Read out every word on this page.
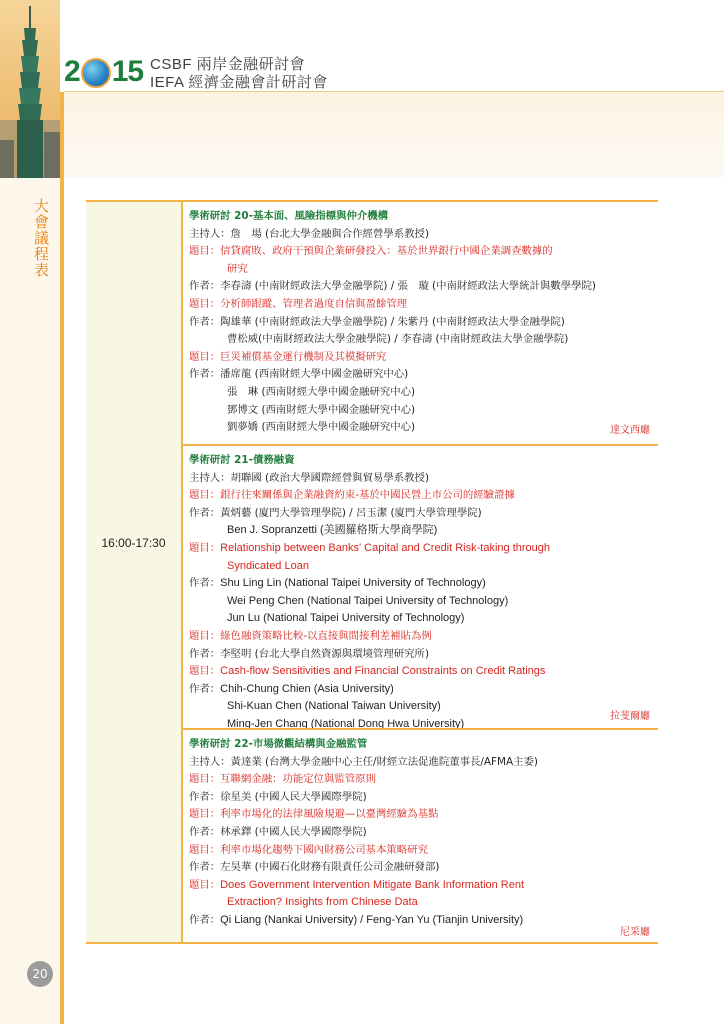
2 15 CSBF 兩岸金融研討會
IEFA 經濟金融會計研討會
大會議程表
16:00-17:30
學術研討 20-基本面、風險指標與仲介機構
主持人： 詹　場 (台北大學金融與合作經營學系教授)
題目： 信貸腐敗、政府干預與企業研發投入：基於世界銀行中國企業調查數據的
研究
作者： 李春濤 (中南財經政法大學金融學院) / 張　璇 (中南財經政法大學統計與數學學院)
題目： 分析師跟蹤、管理者過度自信與盈餘管理
作者： 陶雄華 (中南財經政法大學金融學院) / 朱紫丹 (中南財經政法大學金融學院)
曹松威(中南財經政法大學金融學院) / 李春濤 (中南財經政法大學金融學院)
題目： 巨災補償基金運行機制及其模擬研究
作者： 潘席龍 (西南財經大學中國金融研究中心)
張　琳 (西南財經大學中國金融研究中心)
鄧博文 (西南財經大學中國金融研究中心)
劉夢嬌 (西南財經大學中國金融研究中心)	達文西廳
學術研討 21-債務融資
主持人： 胡聯國 (政治大學國際經營與貿易學系教授)
題目： 銀行往來關係與企業融資約束-基於中國民營上市公司的經驗證據
作者： 黃炳藝 (廈門大學管理學院) / 呂玉潔 (廈門大學管理學院)
Ben J. Sopranzetti (美國羅格斯大學商學院)
題目： Relationship between Banks' Capital and Credit Risk-taking through
Syndicated Loan
作者： Shu Ling Lin (National Taipei University of Technology)
Wei Peng Chen (National Taipei University of Technology)
Jun Lu (National Taipei University of Technology)
題目： 綠色融資策略比較-以直接與間接利差補貼為例
作者： 李堅明 (台北大學自然資源與環境管理研究所)
題目： Cash-flow Sensitivities and Financial Constraints on Credit Ratings
作者： Chih-Chung Chien (Asia University)
Shi-Kuan Chen (National Taiwan University)
Ming-Jen Chang (National Dong Hwa University)
拉斐爾廳
學術研討 22-市場微觀結構與金融監管
主持人： 黃達業 (台灣大學金融中心主任/財經立法促進院董事長/AFMA主委)
題目： 互聯網金融：功能定位與監管原則
作者： 徐星美 (中國人民大學國際學院)
題目： 利率市場化的法律風險規避—以臺灣經驗為基點
作者： 林承鐸 (中國人民大學國際學院)
題目： 利率市場化趨勢下國內財務公司基本策略研究
作者： 左昊華 (中國石化財務有限責任公司金融研發部)
題目： Does Government Intervention Mitigate Bank Information Rent
Extraction? Insights from Chinese Data
作者： Qi Liang (Nankai University) / Feng-Yan Yu (Tianjin University)
尼采廳
20
